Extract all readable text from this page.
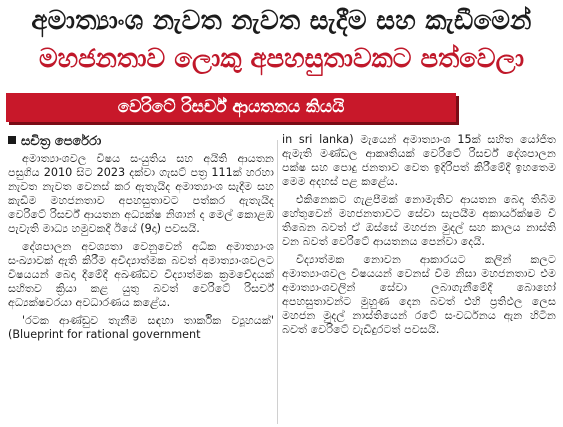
අමාත්‍යාංශ නැවත නැවත සැදීම සහ කැඩීමෙන්
මහජනතාව ලොකු අපහසුතාවකට පත්වෙලා
වෙරිටේ රිසර්ච් ආයතනය කියයි
සචිත්‍ර පෙරේරා

අමාත්‍යාංශවල විෂය සංයුතිය සහ අයිති ආයතන පසුගිය 2010 සිට 2023 දක්වා ගැසට් පත්‍ර 111ක් හරහා නැවත නැවත වෙනස් කර ඇතැයිද අමාත්‍යාංශ සැදීම සහ කැඩීම මහජනතාව අපහසුතාවට පත්කර ඇතැයිද වෙරිටේ රිසර්ච් ආයතන අධ්‍යක්ෂ නිශාන් ද මෙල් කොළඹ පැවැති මාධ්‍ය හමුවකදී ඊයේ (9දා) පවසයි.

දේශපාලන අවශ්‍යතා වෙනුවෙන් අධික අමාත්‍යාංශ සංඛ්‍යාවක් ඇති කිරීම අවිද්‍යාත්මක බවත් අමාත්‍යාංශවලට විෂයයන් බෙදා දීමේදී අඛණ්ඩව විද්‍යාත්මක ක්‍රමවේදයක් සහිතව ක්‍රියා කළ යුතු බවත් වෙරිටේ රිසර්ච් අධ්‍යක්ෂවරයා අවධාරණය කළේය.

'රටක ආණ්ඩුව තැනීම සඳහා තාර්කික ව්‍යූහයක්' (Blueprint for rational government

in sri lanka) මැයෙන් අමාත්‍යාංශ 15ක් සහිත යෝජිත ඇමැති මණ්ඩල ආකෘතියක් වෙරිටේ රිසර්ච් දේශපාලන පක්ෂ සහ පොදු ජනතාව වෙත ඉදිරිපත් කිරීමේදී ඉහතෙම මෙම අදහස් පළ කළේය.

එකිනෙකට ගැළපීමක් නොමැතිව ආයතන බෙදා තිබීම හේතුවෙන් මහජනතාවට සේවා සැපයීම අකාර්යක්ෂම වී තිබෙන බවත් ඒ ඔස්සේ මහජන මුදල් සහ කාලය නාස්ති වන බවත් වෙරිටේ ආයතනය පෙන්වා දෙයි.

විද්‍යාත්මක නොවන ආකාරයට කලින් කලට අමාත්‍යාංශවල විෂයයන් වෙනස් වීම නිසා මහජනතාව එම අමාත්‍යාංශවලින් සේවා ලබාගැනීමේදී බොහෝ අපහසුතාවන්ට මුහුණ දෙන බවත් එහි ප්‍රතිඵල ලෙස මහජන මුදල් නාස්තියෙන් රටේ සංවර්ධනය ඇන හිටින බවත් වෙරිටේ වැඩිදුරටත් පවසයි.
